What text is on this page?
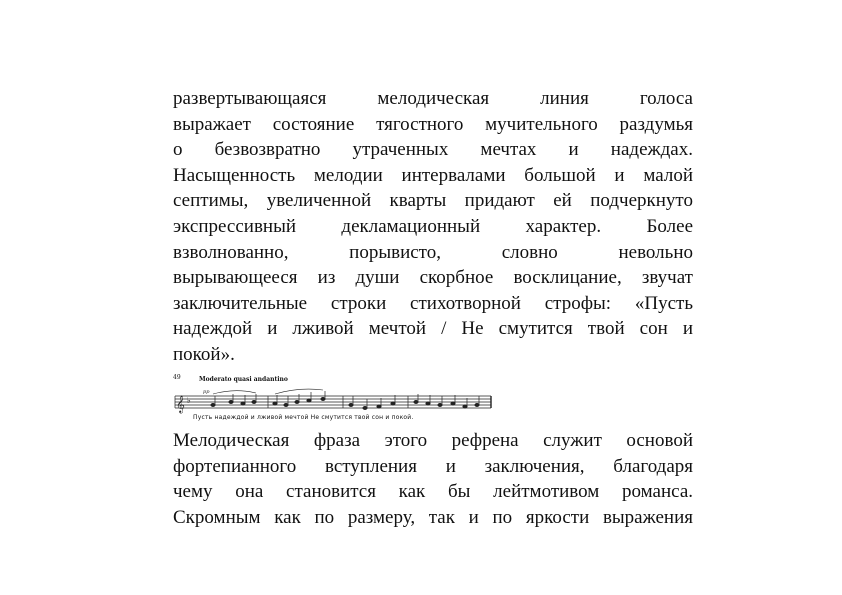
развертывающаяся мелодическая линия голоса
выражает состояние тягостного мучительного раздумья
о безвозвратно утраченных мечтах и надеждах.
Насыщенность мелодии интервалами большой и малой
септимы, увеличенной кварты придают ей подчеркнуто
экспрессивный декламационный характер. Более
взволнованно, порывисто, словно невольно
вырывающееся из души скорбное восклицание, звучат
заключительные строки стихотворной строфы: «Пусть
надеждой и лживой мечтой / Не смутится твой сон и
покой».
49	Moderato quasi andantino
𝄞 ♭
pp
Пусть надеждой и лживой мечтой Не смутится твой сон и покой.
Мелодическая фраза этого рефрена служит основой
фортепианного вступления и заключения, благодаря
чему она становится как бы лейтмотивом романса.
Скромным как по размеру, так и по яркости выражения
